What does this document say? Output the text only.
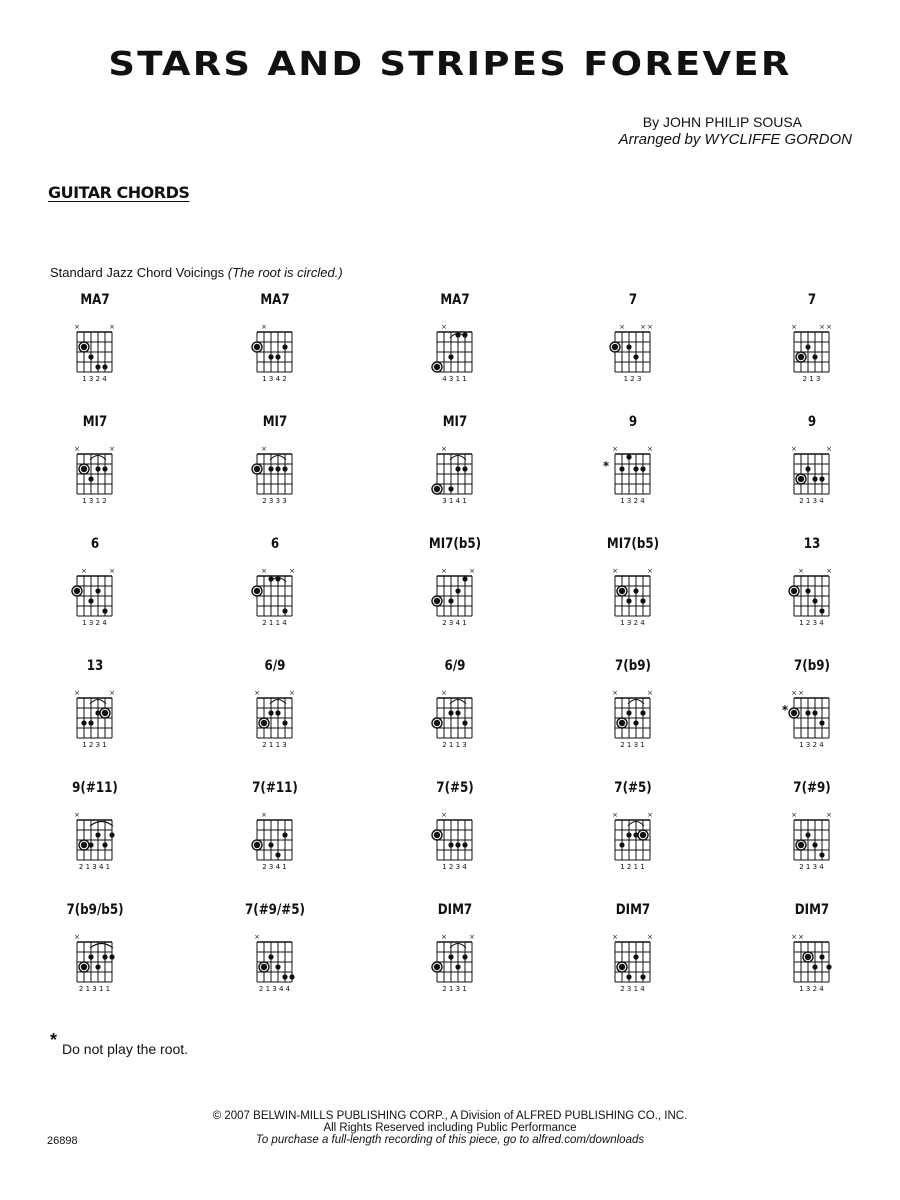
STARS AND STRIPES FOREVER
By JOHN PHILIP SOUSA
Arranged by WYCLIFFE GORDON
GUITAR CHORDS
Standard Jazz Chord Voicings (The root is circled.)
MA7
×	×
1 3 2 4
MA7
×
1 3 4 2
MA7
×
4 3 1 1
7
× × ×
1 2 3
7
×	× ×
2 1 3
MI7
×	×
1 3 1 2
MI7
×
2 3 3 3
MI7
×
3 1 4 1
9
×	×
*
1 3 2 4
9
×	×
2 1 3 4
6
×	×
1 3 2 4
6
×	×
2 1 1 4
MI7(b5)
×	×
2 3 4 1
MI7(b5)
×	×
1 3 2 4
13
×	×
1 2 3 4
13
×	×
1 2 3 1
6/9
×	×
2 1 1 3
6/9
×
2 1 1 3
7(b9)
×	×
2 1 3 1
7(b9)
× ×
*
1 3 2 4
9(#11)
×
2 1 3 4 1
7(#11)
×
2 3 4 1
7(#5)
×
1 2 3 4
7(#5)
×	×
1 2 1 1
7(#9)
×	×
2 1 3 4
7(b9/b5)
×
2 1 3 1 1
7(#9/#5)
×
2 1 3 4 4
DIM7
×	×
2 1 3 1
DIM7
×	×
2 3 1 4
DIM7
× ×
1 3 2 4
* Do not play the root.
© 2007 BELWIN-MILLS PUBLISHING CORP., A Division of ALFRED PUBLISHING CO., INC.
All Rights Reserved including Public Performance
To purchase a full-length recording of this piece, go to alfred.com/downloads
26898
